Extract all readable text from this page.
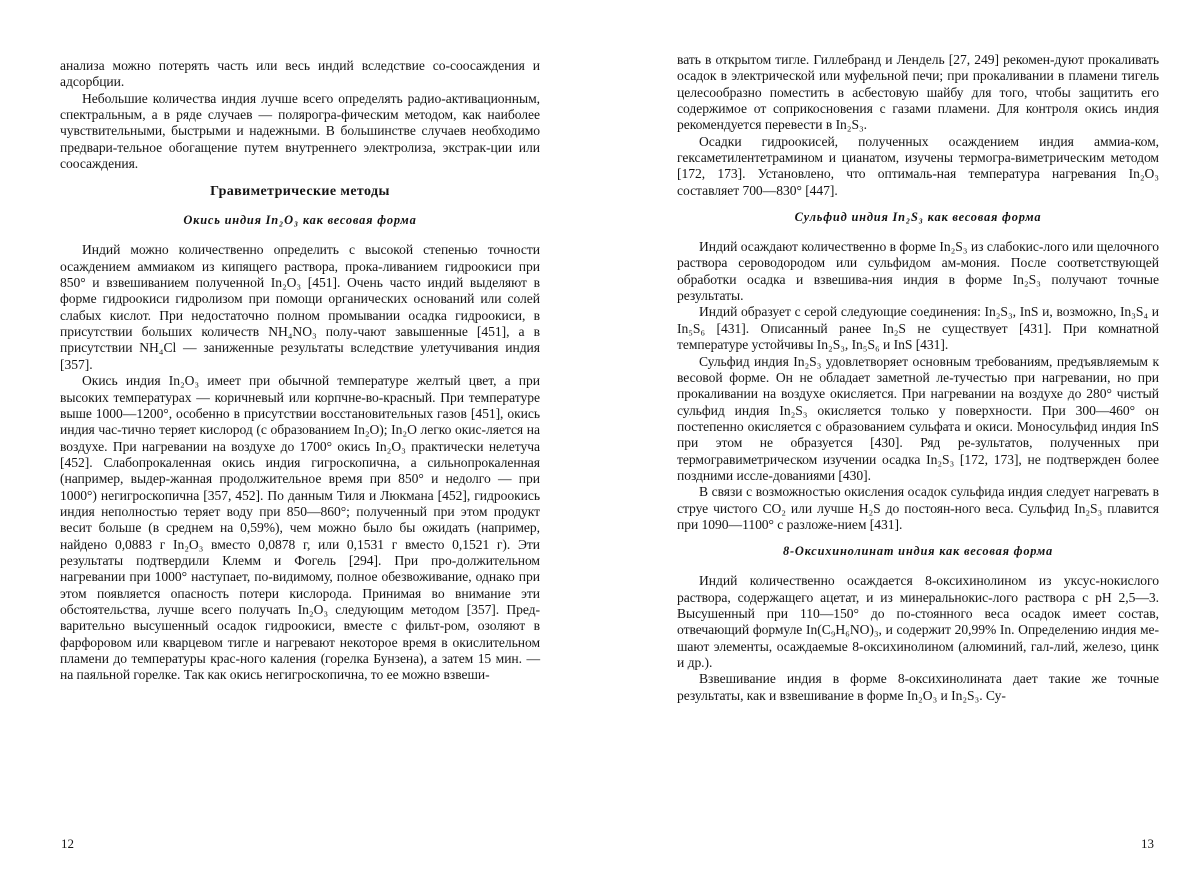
анализа можно потерять часть или весь индий вследствие со-соосаждения и адсорбции.

Небольшие количества индия лучше всего определять радио-активационным, спектральным, а в ряде случаев — полярогра-фическим методом, как наиболее чувствительными, быстрыми и надежными. В большинстве случаев необходимо предвари-тельное обогащение путем внутреннего электролиза, экстрак-ции или соосаждения.

Гравиметрические методы
Окись индия In₂O₃ как весовая форма

Индий можно количественно определить с высокой степенью точности осаждением аммиаком из кипящего раствора, прока-ливанием гидроокиси при 850° и взвешиванием полученной In₂O₃ [451]. Очень часто индий выделяют в форме гидроокиси гидролизом при помощи органических оснований или солей слабых кислот. При недостаточно полном промывании осадка гидроокиси, в присутствии больших количеств NH₄NO₃ полу-чают завышенные [451], а в присутствии NH₄Cl — заниженные результаты вследствие улетучивания индия [357].

Окись индия In₂O₃ имеет при обычной температуре желтый цвет, а при высоких температурах — коричневый или корпчне-во-красный. При температуре выше 1000—1200°, особенно в присутствии восстановительных газов [451], окись индия час-тично теряет кислород (с образованием In₂O); In₂O легко окис-ляется на воздухе. При нагревании на воздухе до 1700° окись In₂O₃ практически нелетуча [452]. Слабопрокаленная окись индия гигроскопична, а сильнопрокаленная (например, выдер-жанная продолжительное время при 850° и недолго — при 1000°) негигроскопична [357, 452]. По данным Тиля и Люкмана [452], гидроокись индия неполностью теряет воду при 850—860°; полученный при этом продукт весит больше (в среднем на 0,59%), чем можно было бы ожидать (например, найдено 0,0883 г In₂O₃ вместо 0,0878 г, или 0,1531 г вместо 0,1521 г). Эти результаты подтвердили Клемм и Фогель [294]. При про-должительном нагревании при 1000° наступает, по-видимому, полное обезвоживание, однако при этом появляется опасность потери кислорода. Принимая во внимание эти обстоятельства, лучше всего получать In₂O₃ следующим методом [357]. Пред-варительно высушенный осадок гидроокиси, вместе с фильт-ром, озоляют в фарфоровом или кварцевом тигле и нагревают некоторое время в окислительном пламени до температуры крас-ного каления (горелка Бунзена), а затем 15 мин. — на паяльной горелке. Так как окись негигроскопична, то ее можно взвеши-

12

вать в открытом тигле. Гиллебранд и Лендель [27, 249] рекомен-дуют прокаливать осадок в электрической или муфельной печи; при прокаливании в пламени тигель целесообразно поместить в асбестовую шайбу для того, чтобы защитить его содержимое от соприкосновения с газами пламени. Для контроля окись индия рекомендуется перевести в In₂S₃.

Осадки гидроокисей, полученных осаждением индия аммиа-ком, гексаметилентетрамином и цианатом, изучены термогра-виметрическим методом [172, 173]. Установлено, что оптималь-ная температура нагревания In₂O₃ составляет 700—830° [447].

Сульфид индия In₂S₃ как весовая форма

Индий осаждают количественно в форме In₂S₃ из слабокис-лого или щелочного раствора сероводородом или сульфидом ам-мония. После соответствующей обработки осадка и взвешива-ния индия в форме In₂S₃ получают точные результаты.

Индий образует с серой следующие соединения: In₂S₃, InS и, возможно, In₃S₄ и In₅S₆ [431]. Описанный ранее In₂S не существует [431]. При комнатной температуре устойчивы In₂S₃, In₅S₆ и InS [431].

Сульфид индия In₂S₃ удовлетворяет основным требованиям, предъявляемым к весовой форме. Он не обладает заметной ле-тучестью при нагревании, но при прокаливании на воздухе окисляется. При нагревании на воздухе до 280° чистый сульфид индия In₂S₃ окисляется только у поверхности. При 300—460° он постепенно окисляется с образованием сульфата и окиси. Моносульфид индия InS при этом не образуется [430]. Ряд ре-зультатов, полученных при термогравиметрическом изучении осадка In₂S₃ [172, 173], не подтвержден более поздними иссле-дованиями [430].

В связи с возможностью окисления осадок сульфида индия следует нагревать в струе чистого CO₂ или лучше H₂S до постоян-ного веса. Сульфид In₂S₃ плавится при 1090—1100° с разложе-нием [431].

8-Оксихинолинат индия как весовая форма

Индий количественно осаждается 8-оксихинолином из уксус-нокислого раствора, содержащего ацетат, и из минеральнокис-лого раствора с pH 2,5—3. Высушенный при 110—150° до по-стоянного веса осадок имеет состав, отвечающий формуле In(C₉H₆NO)₃, и содержит 20,99% In. Определению индия ме-шают элементы, осаждаемые 8-оксихинолином (алюминий, гал-лий, железо, цинк и др.).

Взвешивание индия в форме 8-оксихинолината дает такие же точные результаты, как и взвешивание в форме In₂O₃ и In₂S₃. Су-

13
